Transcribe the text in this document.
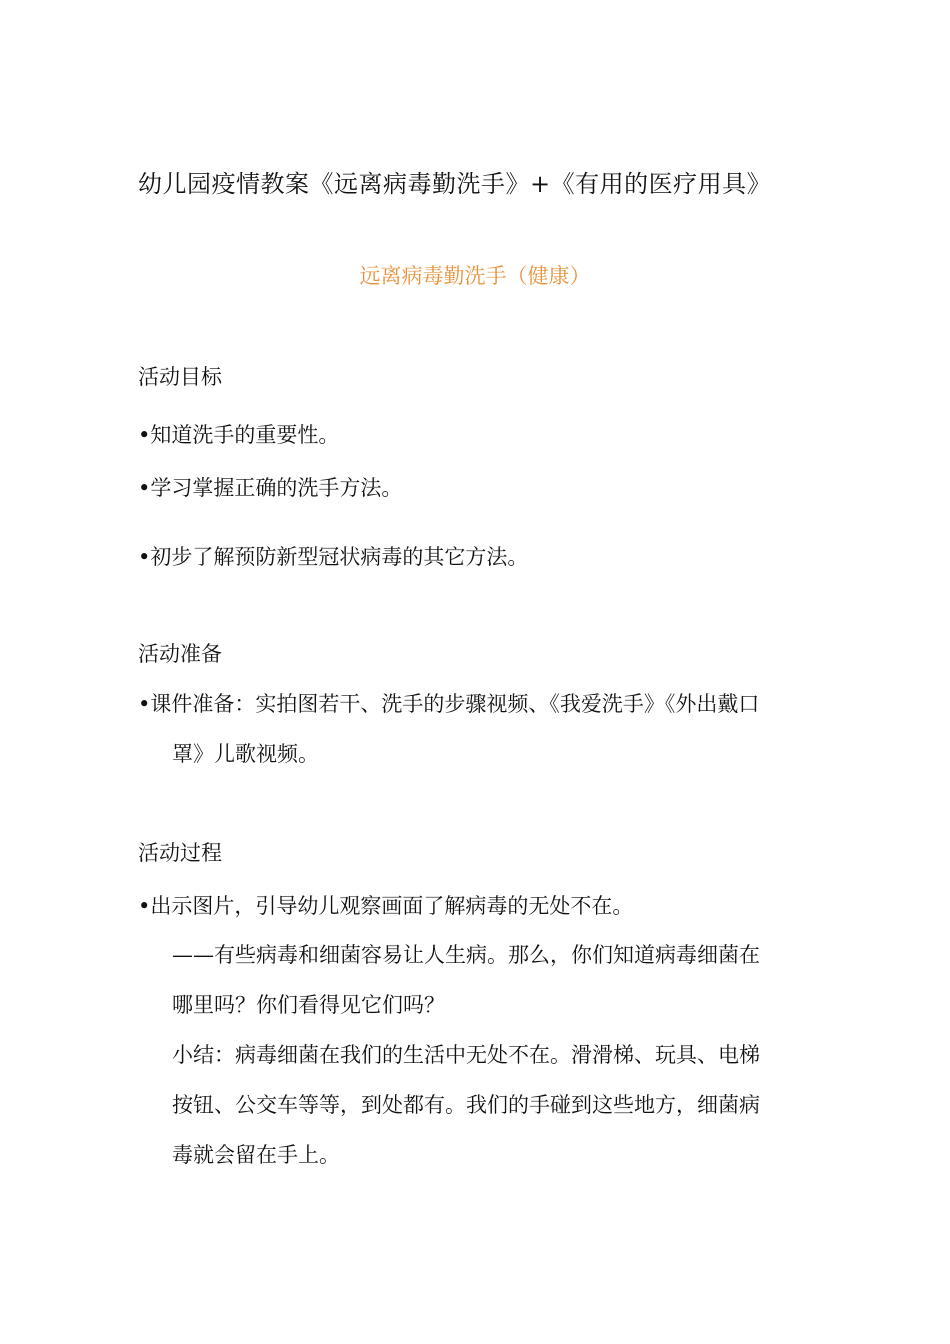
幼儿园疫情教案《远离病毒勤洗手》+《有用的医疗用具》
远离病毒勤洗手（健康）
活动目标
•知道洗手的重要性。
•学习掌握正确的洗手方法。
•初步了解预防新型冠状病毒的其它方法。
活动准备
•课件准备：实拍图若干、洗手的步骤视频、《我爱洗手》《外出戴口
罩》儿歌视频。
活动过程
•出示图片，引导幼儿观察画面了解病毒的无处不在。
——有些病毒和细菌容易让人生病。那么，你们知道病毒细菌在
哪里吗？你们看得见它们吗？
小结：病毒细菌在我们的生活中无处不在。滑滑梯、玩具、电梯
按钮、公交车等等，到处都有。我们的手碰到这些地方，细菌病
毒就会留在手上。
